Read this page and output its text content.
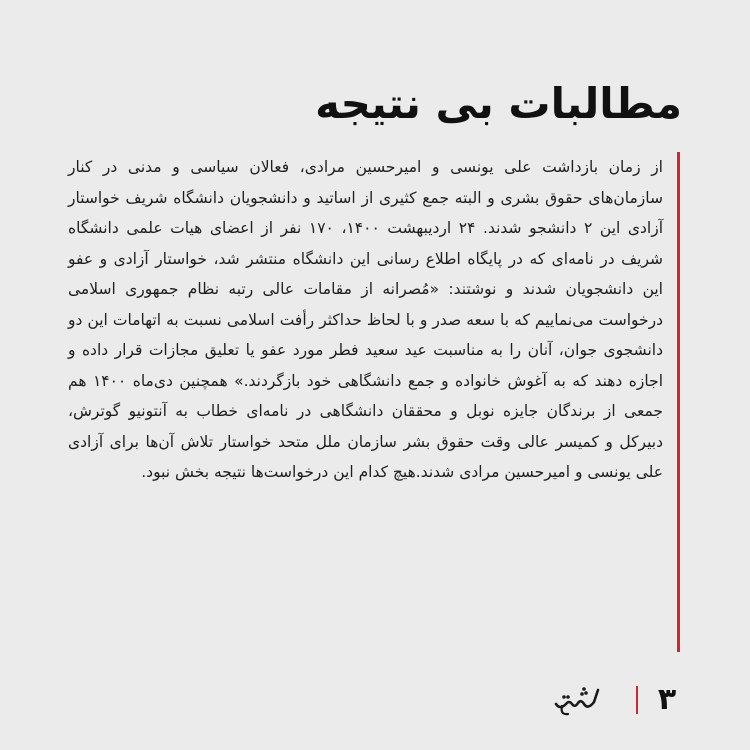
مطالبات بی نتیجه

از زمان بازداشت علی یونسی و امیرحسین مرادی، فعالان سیاسی و مدنی در کنار سازمان‌های حقوق بشری و البته جمع کثیری از اساتید و دانشجویان دانشگاه شریف خواستار آزادی این ۲ دانشجو شدند. ۲۴ اردیبهشت ۱۴۰۰، ۱۷۰ نفر از اعضای هیات علمی دانشگاه شریف در نامه‌ای که در پایگاه اطلاع رسانی این دانشگاه منتشر شد، خواستار آزادی و عفو این دانشجویان شدند و نوشتند: «مُصرانه از مقامات عالی رتبه نظام جمهوری اسلامی درخواست می‌نماییم که با سعه صدر و با لحاظ حداکثر رأفت اسلامی نسبت به اتهامات این دو دانشجوی جوان، آنان را به مناسبت عید سعید فطر مورد عفو یا تعلیق مجازات قرار داده و اجازه دهند که به آغوش خانواده و جمع دانشگاهی خود بازگردند.» همچنین دی‌ماه ۱۴۰۰ هم جمعی از برندگان جایزه نوبل و محققان دانشگاهی در نامه‌ای خطاب به آنتونیو گوترش، دبیرکل و کمیسر عالی وقت حقوق بشر سازمان ملل متحد خواستار تلاش آن‌ها برای آزادی علی یونسی و امیرحسین مرادی شدند.هیچ کدام این درخواست‌ها نتیجه بخش نبود.

۳
